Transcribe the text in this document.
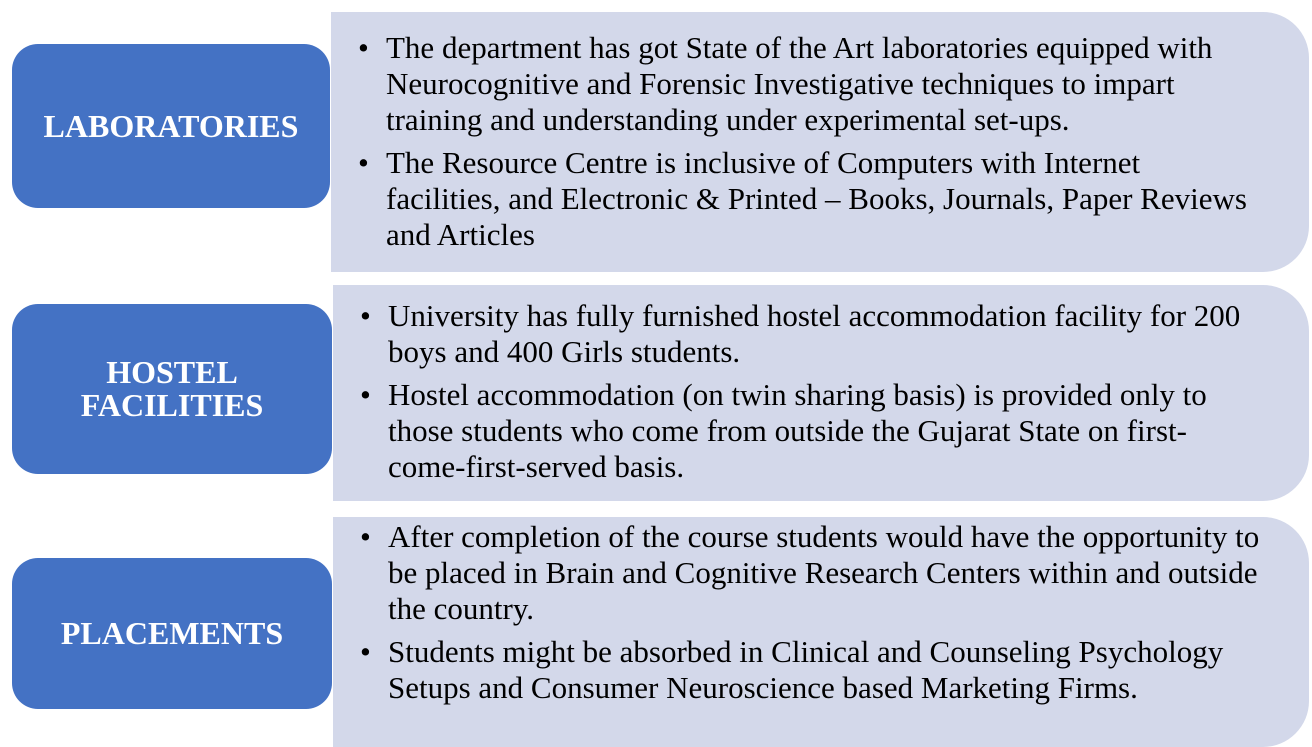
LABORATORIES
• The department has got State of the Art laboratories equipped with Neurocognitive and Forensic Investigative techniques to impart training and understanding under experimental set-ups.
• The Resource Centre is inclusive of Computers with Internet facilities, and Electronic & Printed – Books, Journals, Paper Reviews and Articles
HOSTEL FACILITIES
• University has fully furnished hostel accommodation facility for 200 boys and 400 Girls students.
• Hostel accommodation (on twin sharing basis) is provided only to those students who come from outside the Gujarat State on first-come-first-served basis.
PLACEMENTS
• After completion of the course students would have the opportunity to be placed in Brain and Cognitive Research Centers within and outside the country.
• Students might be absorbed in Clinical and Counseling Psychology Setups and Consumer Neuroscience based Marketing Firms.
